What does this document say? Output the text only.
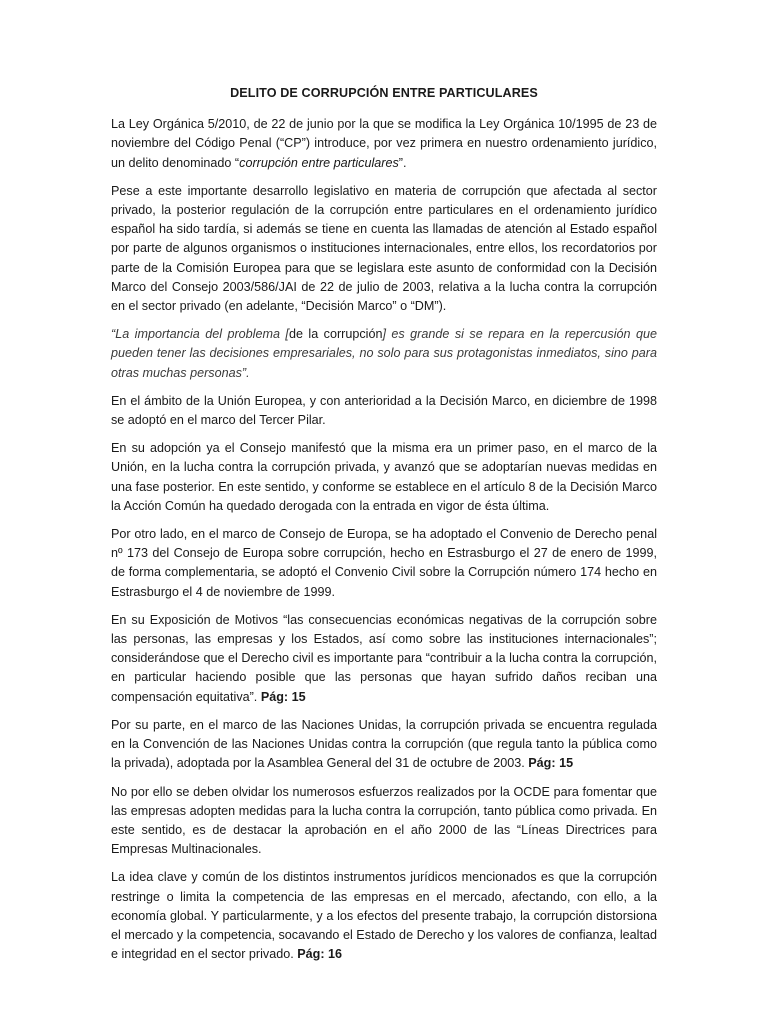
DELITO DE CORRUPCIÓN ENTRE PARTICULARES

La Ley Orgánica 5/2010, de 22 de junio por la que se modifica la Ley Orgánica 10/1995 de 23 de noviembre del Código Penal (“CP”) introduce, por vez primera en nuestro ordenamiento jurídico, un delito denominado “corrupción entre particulares”.

Pese a este importante desarrollo legislativo en materia de corrupción que afectada al sector privado, la posterior regulación de la corrupción entre particulares en el ordenamiento jurídico español ha sido tardía, si además se tiene en cuenta las llamadas de atención al Estado español por parte de algunos organismos o instituciones internacionales, entre ellos, los recordatorios por parte de la Comisión Europea para que se legislara este asunto de conformidad con la Decisión Marco del Consejo 2003/586/JAI de 22 de julio de 2003, relativa a la lucha contra la corrupción en el sector privado (en adelante, “Decisión Marco” o “DM”).

“La importancia del problema [de la corrupción] es grande si se repara en la repercusión que pueden tener las decisiones empresariales, no solo para sus protagonistas inmediatos, sino para otras muchas personas”.

En el ámbito de la Unión Europea, y con anterioridad a la Decisión Marco, en diciembre de 1998 se adoptó en el marco del Tercer Pilar.

En su adopción ya el Consejo manifestó que la misma era un primer paso, en el marco de la Unión, en la lucha contra la corrupción privada, y avanzó que se adoptarían nuevas medidas en una fase posterior. En este sentido, y conforme se establece en el artículo 8 de la Decisión Marco la Acción Común ha quedado derogada con la entrada en vigor de ésta última.

Por otro lado, en el marco de Consejo de Europa, se ha adoptado el Convenio de Derecho penal nº 173 del Consejo de Europa sobre corrupción, hecho en Estrasburgo el 27 de enero de 1999, de forma complementaria, se adoptó el Convenio Civil sobre la Corrupción número 174 hecho en Estrasburgo el 4 de noviembre de 1999.

En su Exposición de Motivos “las consecuencias económicas negativas de la corrupción sobre las personas, las empresas y los Estados, así como sobre las instituciones internacionales”; considerándose que el Derecho civil es importante para “contribuir a la lucha contra la corrupción, en particular haciendo posible que las personas que hayan sufrido daños reciban una compensación equitativa”. Pág: 15

Por su parte, en el marco de las Naciones Unidas, la corrupción privada se encuentra regulada en la Convención de las Naciones Unidas contra la corrupción (que regula tanto la pública como la privada), adoptada por la Asamblea General del 31 de octubre de 2003. Pág: 15

No por ello se deben olvidar los numerosos esfuerzos realizados por la OCDE para fomentar que las empresas adopten medidas para la lucha contra la corrupción, tanto pública como privada. En este sentido, es de destacar la aprobación en el año 2000 de las “Líneas Directrices para Empresas Multinacionales.

La idea clave y común de los distintos instrumentos jurídicos mencionados es que la corrupción restringe o limita la competencia de las empresas en el mercado, afectando, con ello, a la economía global. Y particularmente, y a los efectos del presente trabajo, la corrupción distorsiona el mercado y la competencia, socavando el Estado de Derecho y los valores de confianza, lealtad e integridad en el sector privado. Pág: 16
